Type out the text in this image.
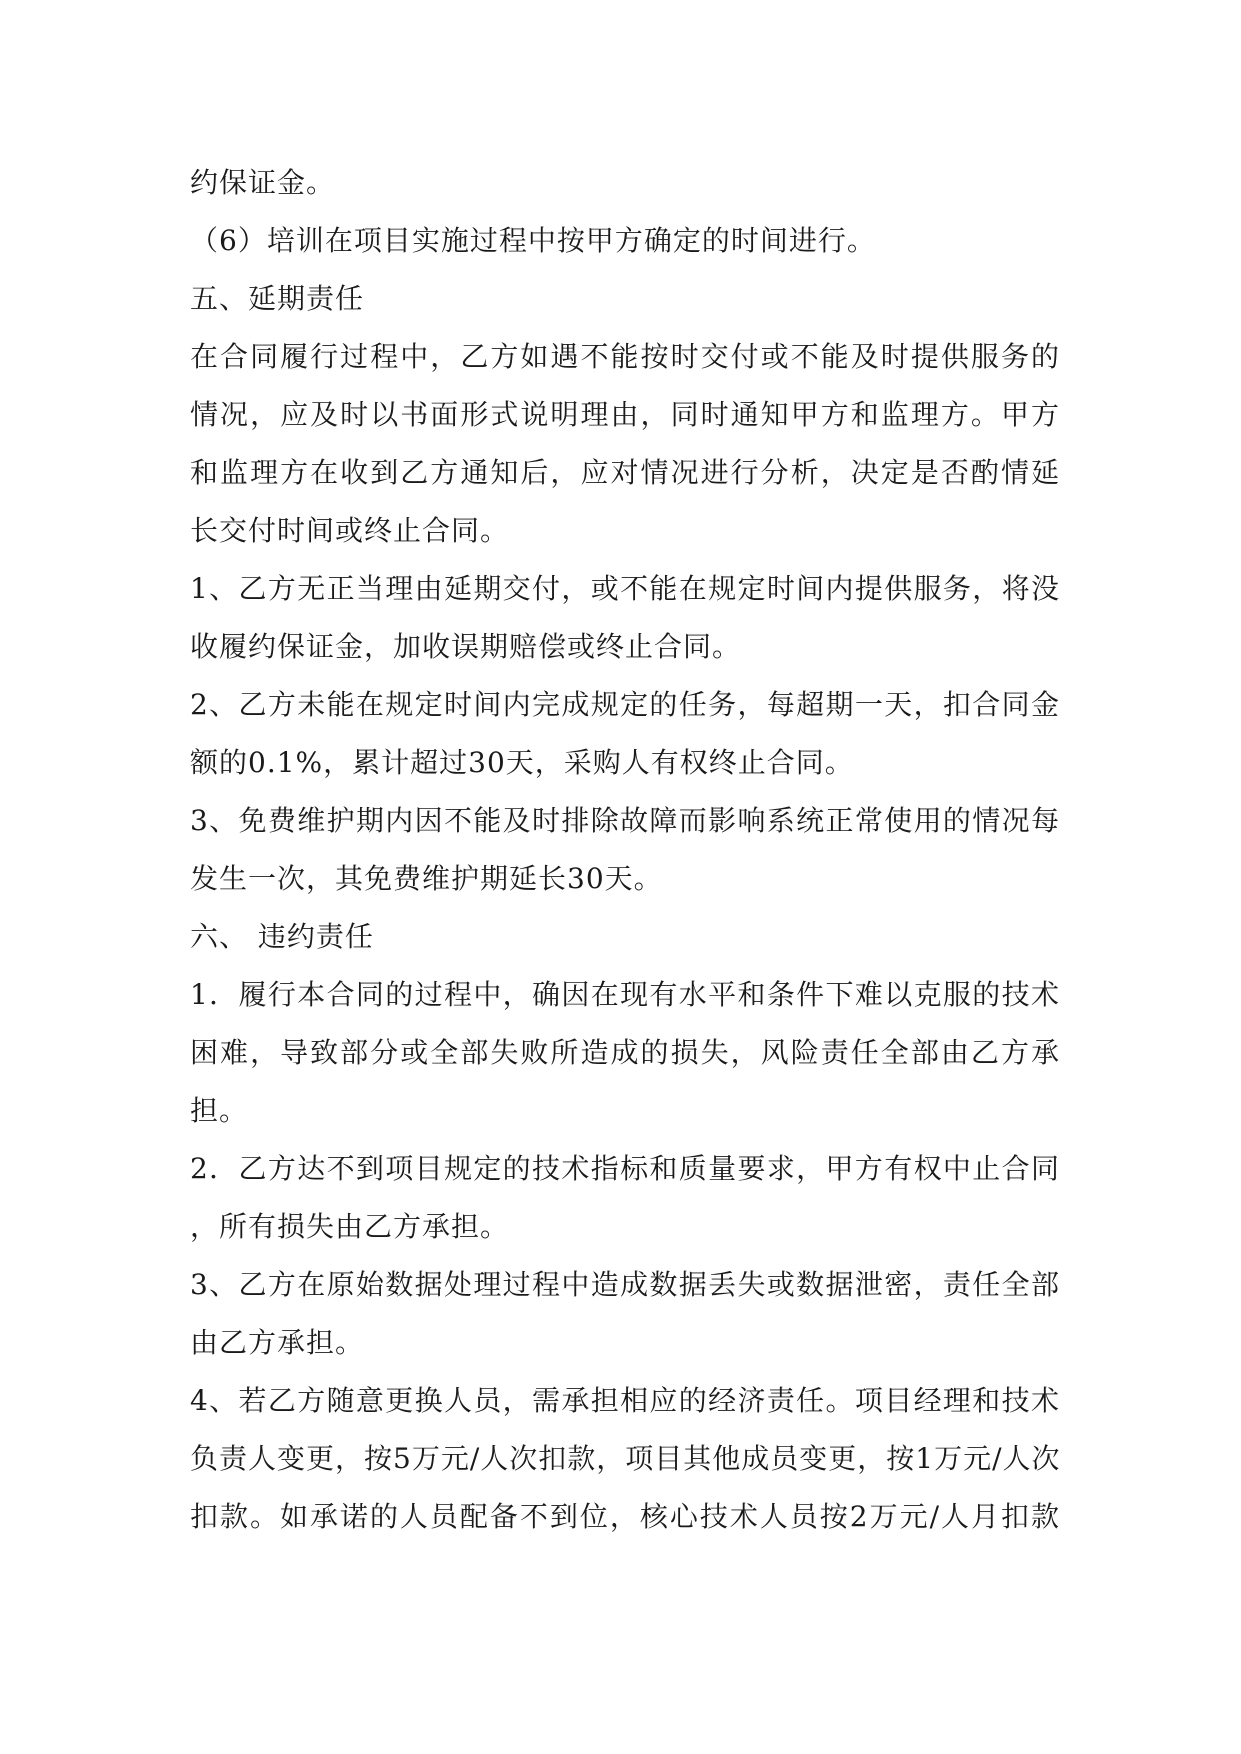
约保证金。
（6）培训在项目实施过程中按甲方确定的时间进行。
五、延期责任
在合同履行过程中，乙方如遇不能按时交付或不能及时提供服务的
情况，应及时以书面形式说明理由，同时通知甲方和监理方。甲方
和监理方在收到乙方通知后，应对情况进行分析，决定是否酌情延
长交付时间或终止合同。
1、乙方无正当理由延期交付，或不能在规定时间内提供服务，将没
收履约保证金，加收误期赔偿或终止合同。
2、乙方未能在规定时间内完成规定的任务，每超期一天，扣合同金
额的0.1%，累计超过30天，采购人有权终止合同。
3、免费维护期内因不能及时排除故障而影响系统正常使用的情况每
发生一次，其免费维护期延长30天。
六、 违约责任
1．履行本合同的过程中，确因在现有水平和条件下难以克服的技术
困难，导致部分或全部失败所造成的损失，风险责任全部由乙方承
担。
2．乙方达不到项目规定的技术指标和质量要求，甲方有权中止合同
，所有损失由乙方承担。
3、乙方在原始数据处理过程中造成数据丢失或数据泄密，责任全部
由乙方承担。
4、若乙方随意更换人员，需承担相应的经济责任。项目经理和技术
负责人变更，按5万元/人次扣款，项目其他成员变更，按1万元/人次
扣款。如承诺的人员配备不到位，核心技术人员按2万元/人月扣款
